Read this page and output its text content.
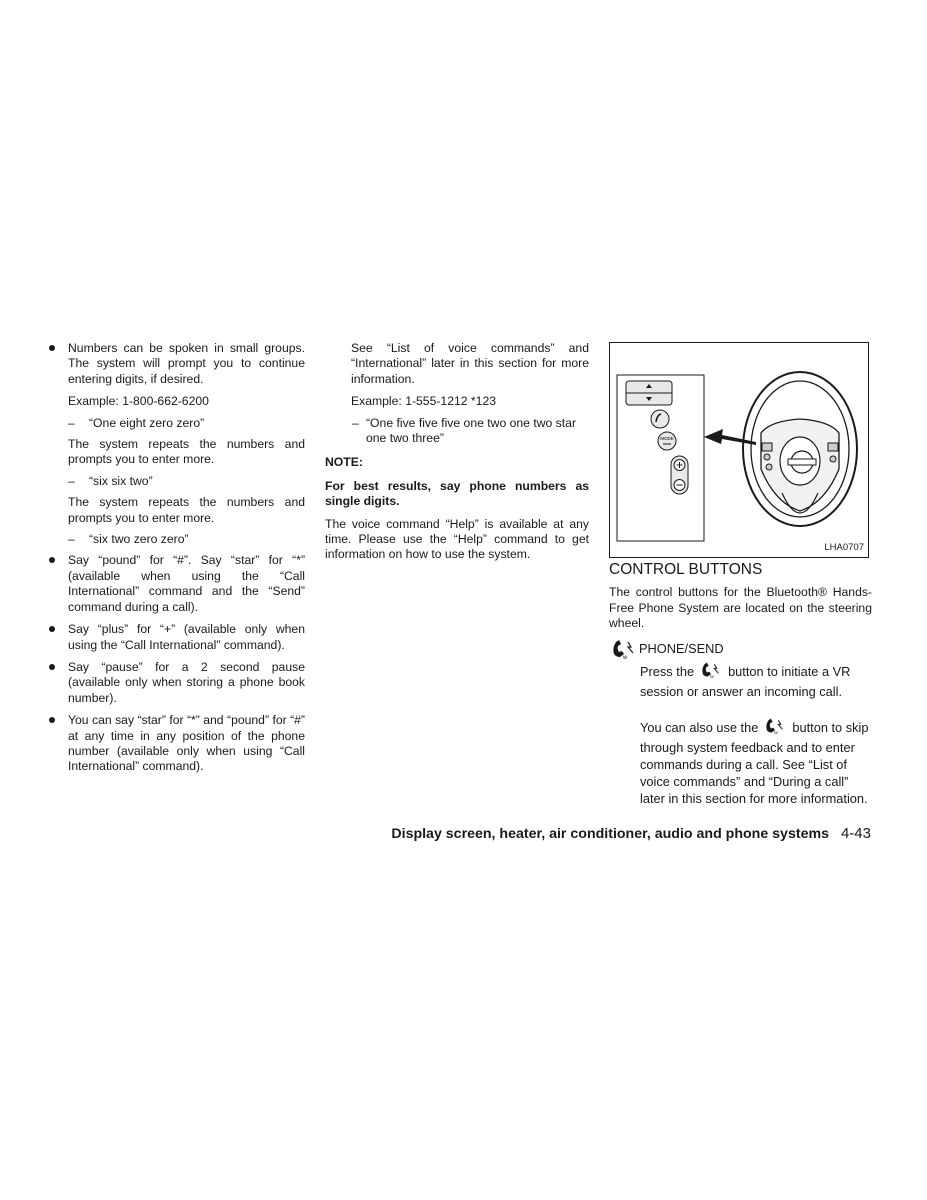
Numbers can be spoken in small groups. The system will prompt you to continue entering digits, if desired.

Example: 1-800-662-6200

– “One eight zero zero”

The system repeats the numbers and prompts you to enter more.

– “six six two”

The system repeats the numbers and prompts you to enter more.

– “six two zero zero”

Say “pound” for “#”. Say “star” for “*” (available when using the “Call International” command and the “Send” command during a call).

Say “plus” for “+” (available only when using the “Call International” command).

Say “pause” for a 2 second pause (available only when storing a phone book number).

You can say “star” for “*” and “pound” for “#” at any time in any position of the phone number (available only when using “Call International” command).

See “List of voice commands” and “International” later in this section for more information.

Example: 1-555-1212 *123

– “One five five five one two one two star one two three”

NOTE:

For best results, say phone numbers as single digits.

The voice command “Help” is available at any time. Please use the “Help” command to get information on how to use the system.

MODE
LHA0707

CONTROL BUTTONS

The control buttons for the Bluetooth® Hands-Free Phone System are located on the steering wheel.

w
PHONE/SEND

Press the	w button to initiate a VR session or answer an incoming call.

You can also use the	w button to skip through system feedback and to enter commands during a call. See “List of voice commands” and “During a call” later in this section for more information.

Display screen, heater, air conditioner, audio and phone systems 4-43
